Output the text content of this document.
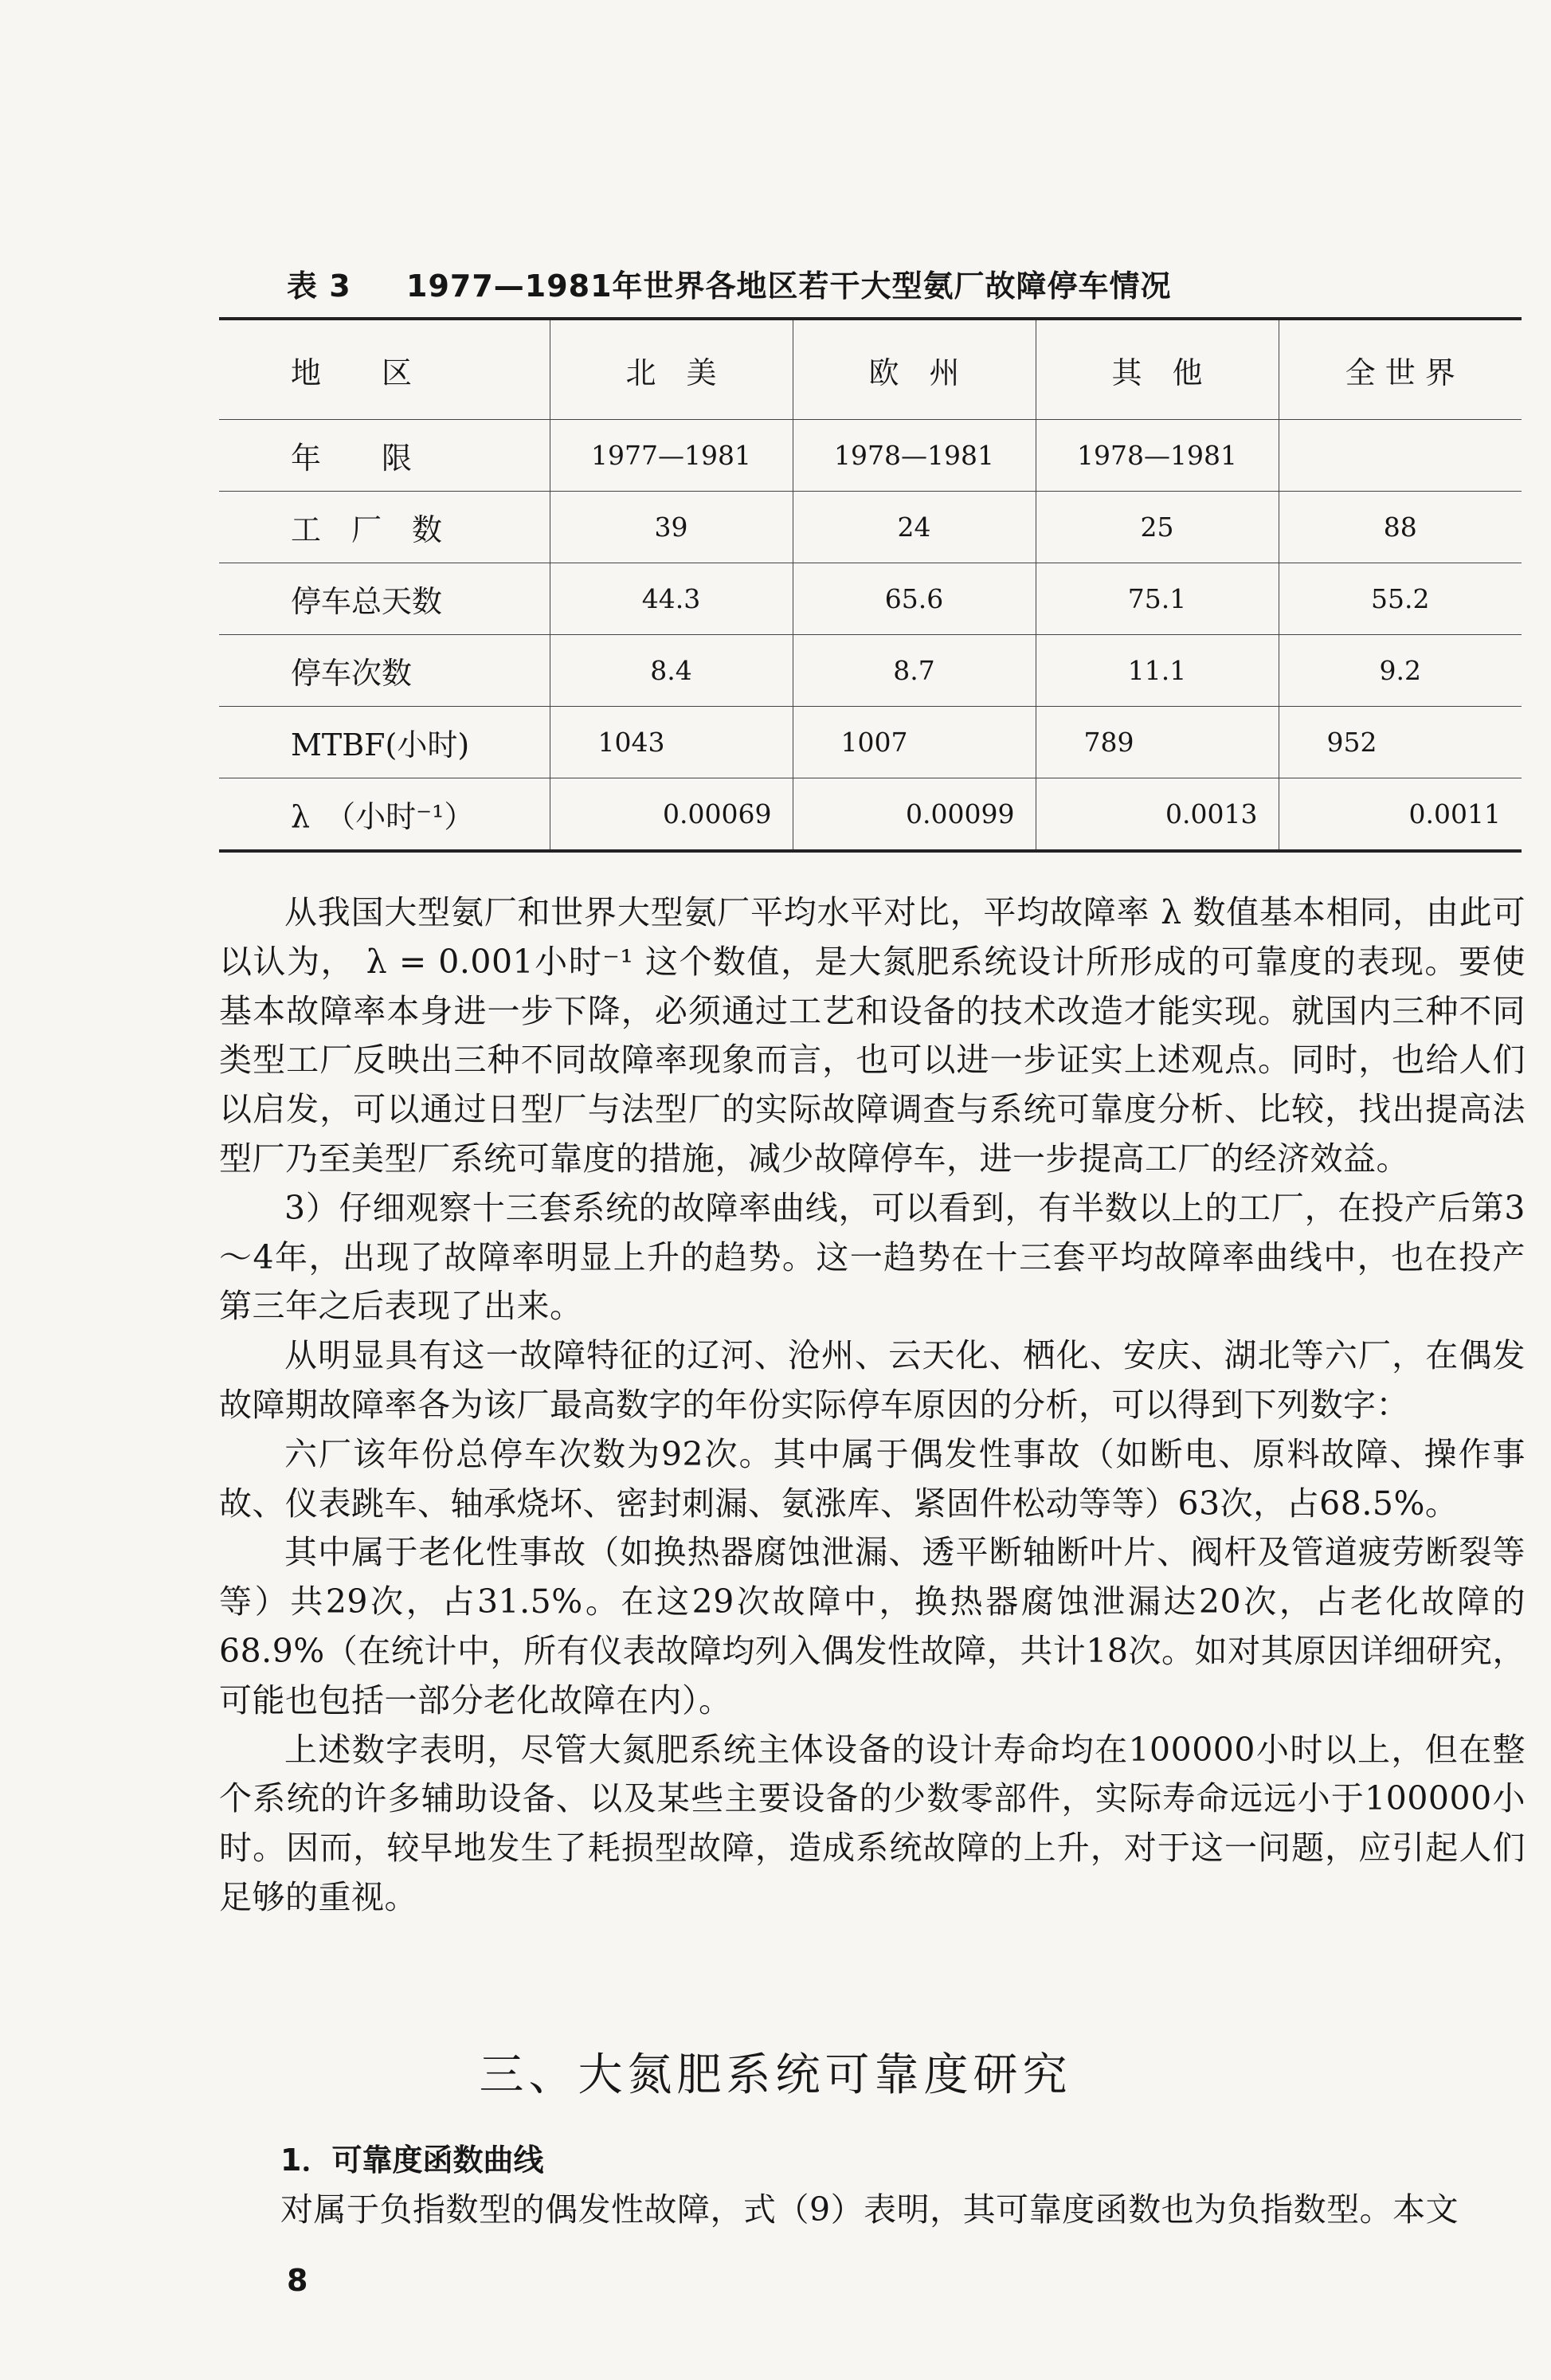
表 3 1977—1981年世界各地区若干大型氨厂故障停车情况
地　　区	北　美	欧　州	其　他	全 世 界
年　　限	1977—1981	1978—1981	1978—1981	
工　厂　数	39	24	25	88
停车总天数	44.3	65.6	75.1	55.2
停车次数	8.4	8.7	11.1	9.2
MTBF(小时)	1043	1007	789	952
λ　（小时⁻¹）	0.00069	0.00099	0.0013	0.0011

从我国大型氨厂和世界大型氨厂平均水平对比，平均故障率 λ 数值基本相同，由此可以认为， λ = 0.001小时⁻¹ 这个数值，是大氮肥系统设计所形成的可靠度的表现。要使基本故障率本身进一步下降，必须通过工艺和设备的技术改造才能实现。就国内三种不同类型工厂反映出三种不同故障率现象而言，也可以进一步证实上述观点。同时，也给人们以启发，可以通过日型厂与法型厂的实际故障调查与系统可靠度分析、比较，找出提高法型厂乃至美型厂系统可靠度的措施，减少故障停车，进一步提高工厂的经济效益。

3）仔细观察十三套系统的故障率曲线，可以看到，有半数以上的工厂，在投产后第3～4年，出现了故障率明显上升的趋势。这一趋势在十三套平均故障率曲线中，也在投产第三年之后表现了出来。

从明显具有这一故障特征的辽河、沧州、云天化、栖化、安庆、湖北等六厂，在偶发故障期故障率各为该厂最高数字的年份实际停车原因的分析，可以得到下列数字：

六厂该年份总停车次数为92次。其中属于偶发性事故（如断电、原料故障、操作事故、仪表跳车、轴承烧坏、密封刺漏、氨涨库、紧固件松动等等）63次，占68.5%。

其中属于老化性事故（如换热器腐蚀泄漏、透平断轴断叶片、阀杆及管道疲劳断裂等等）共29次，占31.5%。在这29次故障中，换热器腐蚀泄漏达20次，占老化故障的68.9%（在统计中，所有仪表故障均列入偶发性故障，共计18次。如对其原因详细研究，可能也包括一部分老化故障在内）。

上述数字表明，尽管大氮肥系统主体设备的设计寿命均在100000小时以上，但在整个系统的许多辅助设备、以及某些主要设备的少数零部件，实际寿命远远小于100000小时。因而，较早地发生了耗损型故障，造成系统故障的上升，对于这一问题，应引起人们足够的重视。

三、大氮肥系统可靠度研究
1．可靠度函数曲线
对属于负指数型的偶发性故障，式（9）表明，其可靠度函数也为负指数型。本文
8
